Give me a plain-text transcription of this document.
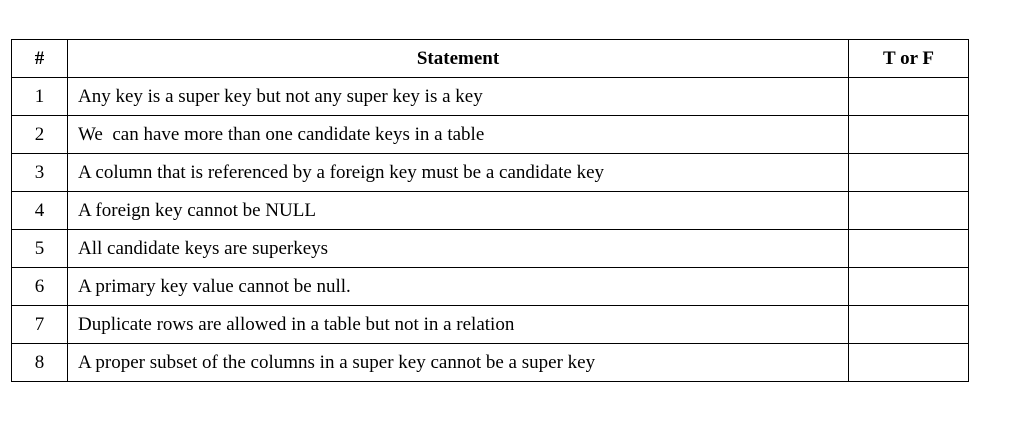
#	Statement	T or F
1	Any key is a super key but not any super key is a key	
2	We  can have more than one candidate keys in a table	
3	A column that is referenced by a foreign key must be a candidate key	
4	A foreign key cannot be NULL	
5	All candidate keys are superkeys	
6	A primary key value cannot be null.	
7	Duplicate rows are allowed in a table but not in a relation	
8	A proper subset of the columns in a super key cannot be a super key	
